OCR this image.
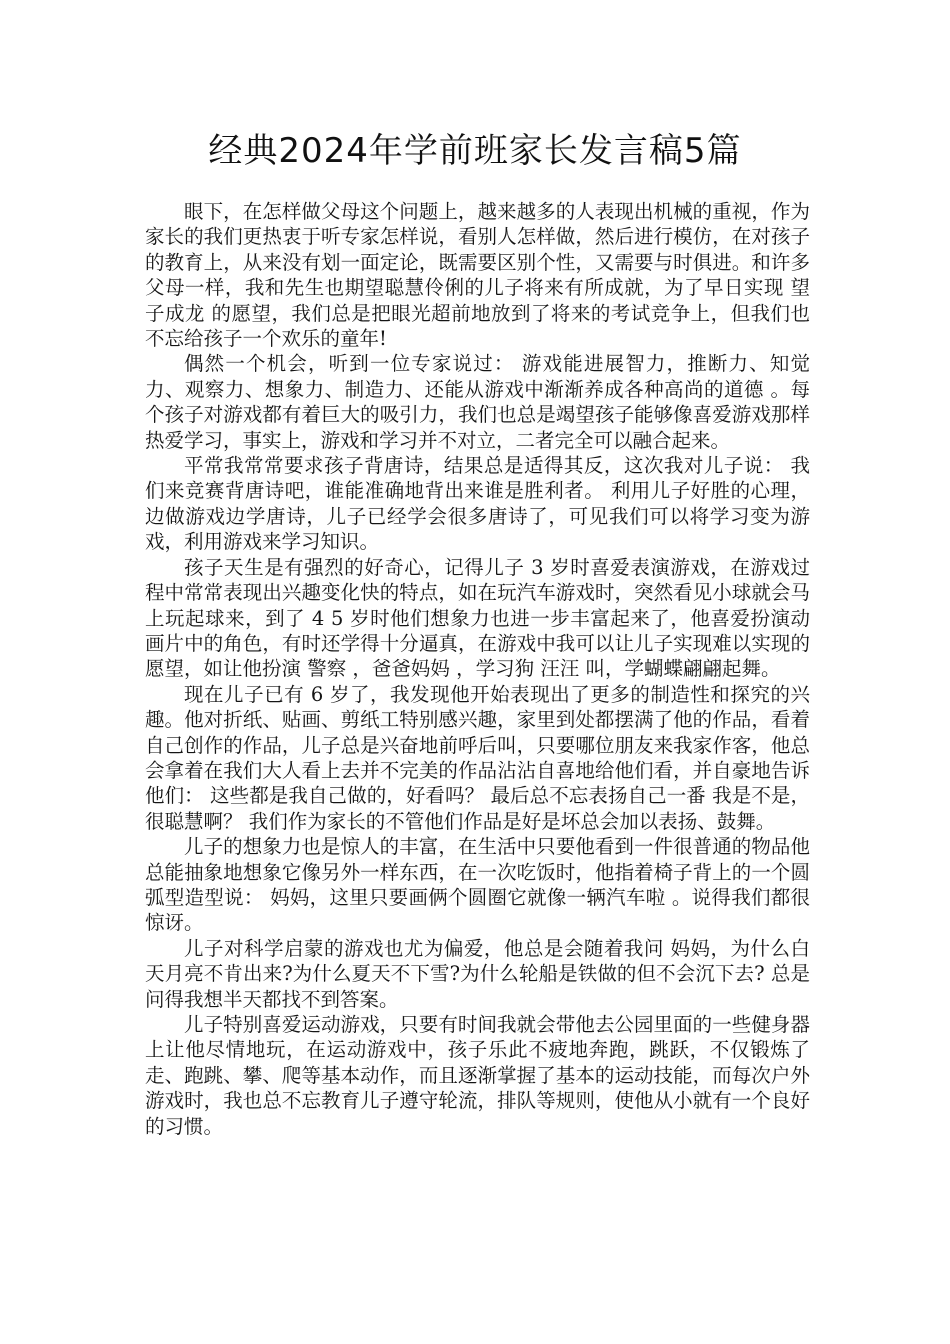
经典2024年学前班家长发言稿5篇

眼下，在怎样做父母这个问题上，越来越多的人表现出机械的重视，作为家长的我们更热衷于听专家怎样说，看别人怎样做，然后进行模仿，在对孩子的教育上，从来没有划一面定论，既需要区别个性，又需要与时俱进。和许多父母一样，我和先生也期望聪慧伶俐的儿子将来有所成就，为了早日实现 望子成龙 的愿望，我们总是把眼光超前地放到了将来的考试竞争上，但我们也不忘给孩子一个欢乐的童年!

偶然一个机会，听到一位专家说过： 游戏能进展智力，推断力、知觉力、观察力、想象力、制造力、还能从游戏中渐渐养成各种高尚的道德 。每个孩子对游戏都有着巨大的吸引力，我们也总是竭望孩子能够像喜爱游戏那样热爱学习，事实上，游戏和学习并不对立，二者完全可以融合起来。

平常我常常要求孩子背唐诗，结果总是适得其反，这次我对儿子说： 我们来竞赛背唐诗吧，谁能准确地背出来谁是胜利者。 利用儿子好胜的心理，边做游戏边学唐诗，儿子已经学会很多唐诗了，可见我们可以将学习变为游戏，利用游戏来学习知识。

孩子天生是有强烈的好奇心，记得儿子 3 岁时喜爱表演游戏，在游戏过程中常常表现出兴趣变化快的特点，如在玩汽车游戏时，突然看见小球就会马上玩起球来，到了 4 5 岁时他们想象力也进一步丰富起来了，他喜爱扮演动画片中的角色，有时还学得十分逼真，在游戏中我可以让儿子实现难以实现的愿望，如让他扮演 警察 ，爸爸妈妈 ，学习狗 汪汪 叫，学蝴蝶翩翩起舞。

现在儿子已有 6 岁了，我发现他开始表现出了更多的制造性和探究的兴趣。他对折纸、贴画、剪纸工特别感兴趣，家里到处都摆满了他的作品，看着自己创作的作品，儿子总是兴奋地前呼后叫，只要哪位朋友来我家作客，他总会拿着在我们大人看上去并不完美的作品沾沾自喜地给他们看，并自豪地告诉他们： 这些都是我自己做的，好看吗？ 最后总不忘表扬自己一番 我是不是，很聪慧啊？ 我们作为家长的不管他们作品是好是坏总会加以表扬、鼓舞。

儿子的想象力也是惊人的丰富，在生活中只要他看到一件很普通的物品他总能抽象地想象它像另外一样东西，在一次吃饭时，他指着椅子背上的一个圆弧型造型说： 妈妈，这里只要画俩个圆圈它就像一辆汽车啦 。说得我们都很惊讶。

儿子对科学启蒙的游戏也尤为偏爱，他总是会随着我问 妈妈，为什么白天月亮不肯出来?为什么夏天不下雪?为什么轮船是铁做的但不会沉下去? 总是问得我想半天都找不到答案。

儿子特别喜爱运动游戏，只要有时间我就会带他去公园里面的一些健身器上让他尽情地玩，在运动游戏中，孩子乐此不疲地奔跑，跳跃，不仅锻炼了走、跑跳、攀、爬等基本动作，而且逐渐掌握了基本的运动技能，而每次户外游戏时，我也总不忘教育儿子遵守轮流，排队等规则，使他从小就有一个良好的习惯。
